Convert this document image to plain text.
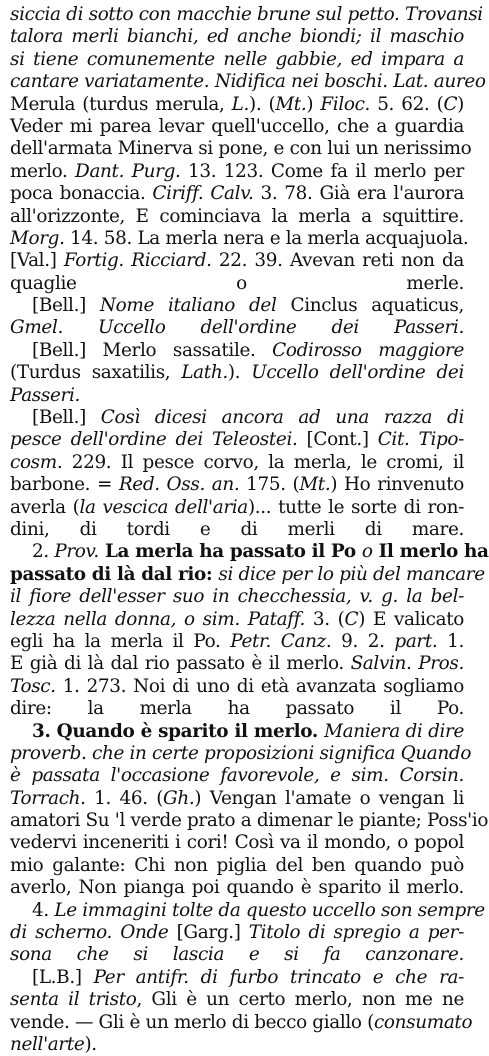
siccia di sotto con macchie brune sul petto. Trovansi
talora merli bianchi, ed anche biondi; il maschio
si tiene comunemente nelle gabbie, ed impara a
cantare variatamente. Nidifica nei boschi. Lat. aureo
Merula (turdus merula, L.). (Mt.) Filoc. 5. 62. (C)
Veder mi parea levar quell'uccello, che a guardia
dell'armata Minerva si pone, e con lui un nerissimo
merlo. Dant. Purg. 13. 123. Come fa il merlo per
poca bonaccia. Ciriff. Calv. 3. 78. Già era l'aurora
all'orizzonte, E cominciava la merla a squittire.
Morg. 14. 58. La merla nera e la merla acquajuola.
[Val.] Fortig. Ricciard. 22. 39. Avevan reti non da
quaglie o merle.
[Bell.] Nome italiano del Cinclus aquaticus,
Gmel. Uccello dell'ordine dei Passeri.
[Bell.] Merlo sassatile. Codirosso maggiore
(Turdus saxatilis, Lath.). Uccello dell'ordine dei
Passeri.
[Bell.] Così dicesi ancora ad una razza di
pesce dell'ordine dei Teleostei. [Cont.] Cit. Tipo-
cosm. 229. Il pesce corvo, la merla, le cromi, il
barbone. = Red. Oss. an. 175. (Mt.) Ho rinvenuto
averla (la vescica dell'aria)... tutte le sorte di ron-
dini, di tordi e di merli di mare.
2. Prov. La merla ha passato il Po o Il merlo ha
passato di là dal rio: si dice per lo più del mancare
il fiore dell'esser suo in checchessia, v. g. la bel-
lezza nella donna, o sim. Pataff. 3. (C) E valicato
egli ha la merla il Po. Petr. Canz. 9. 2. part. 1.
E già di là dal rio passato è il merlo. Salvin. Pros.
Tosc. 1. 273. Noi di uno di età avanzata sogliamo
dire: la merla ha passato il Po.
3. Quando è sparito il merlo. Maniera di dire
proverb. che in certe proposizioni significa Quando
è passata l'occasione favorevole, e sim. Corsin.
Torrach. 1. 46. (Gh.) Vengan l'amate o vengan li
amatori Su 'l verde prato a dimenar le piante; Poss'io
vedervi inceneriti i cori! Così va il mondo, o popol
mio galante: Chi non piglia del ben quando può
averlo, Non pianga poi quando è sparito il merlo.
4. Le immagini tolte da questo uccello son sempre
di scherno. Onde [Garg.] Titolo di spregio a per-
sona che si lascia e si fa canzonare.
[L.B.] Per antifr. di furbo trincato e che ra-
senta il tristo, Gli è un certo merlo, non me ne
vende. — Gli è un merlo di becco giallo (consumato
nell'arte).
